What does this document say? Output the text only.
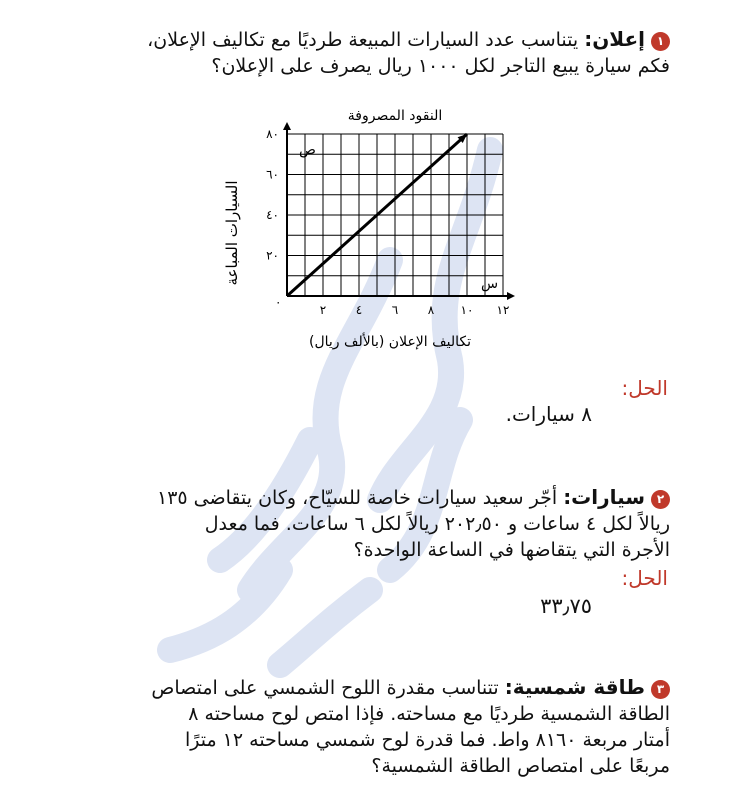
١إعلان: يتناسب عدد السيارات المبيعة طرديًا مع تكاليف الإعلان،
فكم سيارة يبيع التاجر لكل ١٠٠٠ ريال يصرف على الإعلان؟
النقود المصروفة
السيارات المباعة
تكاليف الإعلان (بالألف ريال)
٢ ٤ ٦ ٨ ١٠ ١٢
٢٠
٤٠
٦٠
٨٠
ص
س
٠
الحل:
٨ سيارات.
٢سيارات: أجّر سعيد سيارات خاصة للسيّاح، وكان يتقاضى ١٣٥
ريالاً لكل ٤ ساعات و ٢٠٢٫٥٠ ريالاً لكل ٦ ساعات. فما معدل
الأجرة التي يتقاضها في الساعة الواحدة؟
الحل:
٣٣٫٧٥
٣طاقة شمسية: تتناسب مقدرة اللوح الشمسي على امتصاص
الطاقة الشمسية طرديًا مع مساحته. فإذا امتص لوح مساحته ٨
أمتار مربعة ٨١٦٠ واط. فما قدرة لوح شمسي مساحته ١٢ مترًا
مربعًا على امتصاص الطاقة الشمسية؟
